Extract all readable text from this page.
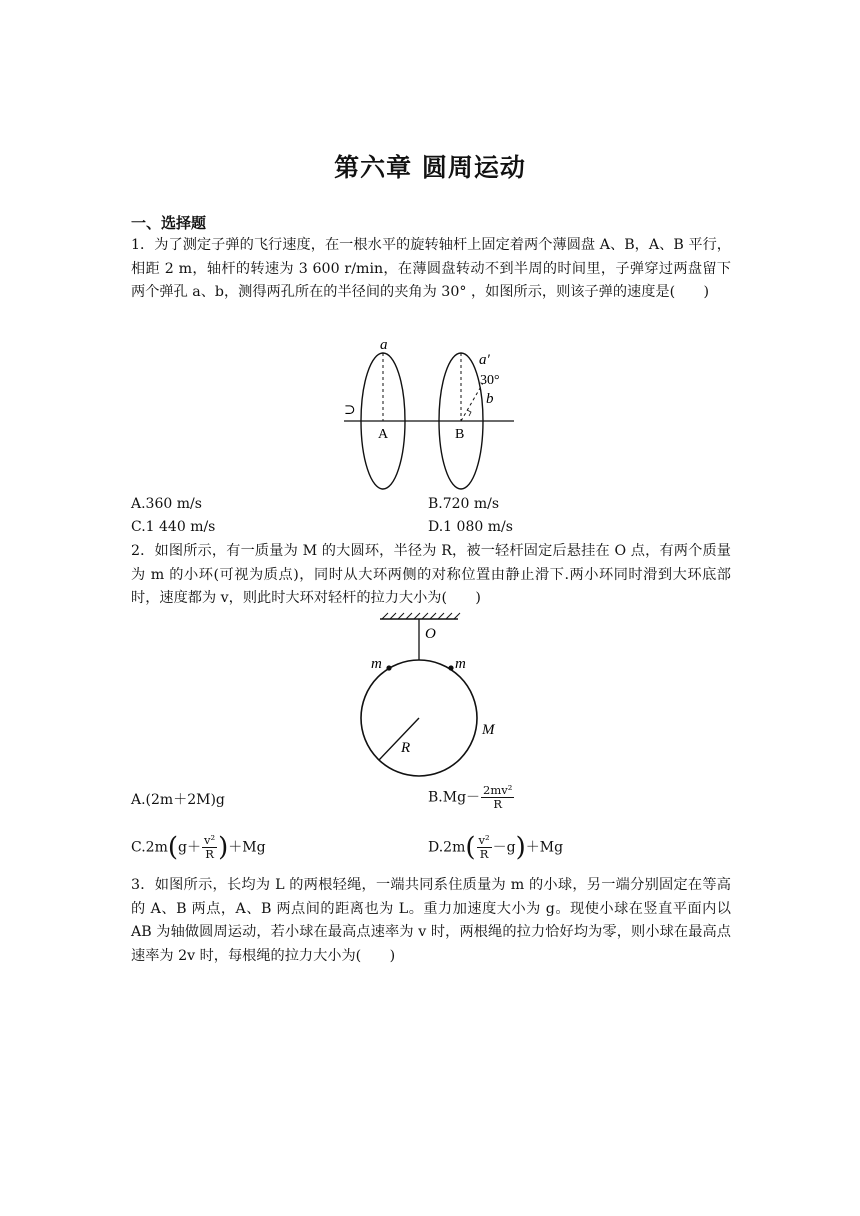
第六章 圆周运动
一、选择题
1．为了测定子弹的飞行速度，在一根水平的旋转轴杆上固定着两个薄圆盘 A、B，A、B 平行，相距 2 m，轴杆的转速为 3 600 r/min，在薄圆盘转动不到半周的时间里，子弹穿过两盘留下两个弹孔 a、b，测得两孔所在的半径间的夹角为 30° ，如图所示，则该子弹的速度是(　　)
⊃
a
a′
30°
b
A	B
A.360 m/s	B.720 m/s
C.1 440 m/s	D.1 080 m/s
2．如图所示，有一质量为 M 的大圆环，半径为 R，被一轻杆固定后悬挂在 O 点，有两个质量为 m 的小环(可视为质点)，同时从大环两侧的对称位置由静止滑下.两小环同时滑到大环底部时，速度都为 v，则此时大环对轻杆的拉力大小为(　　)
O
m	m
M
R
A.(2m＋2M)g	$B.Mg- \frac{\text{2mv²}}{R}$
$C.2m(g+ \frac{\text{v²}}{R} )+Mg$	$D.2m( \frac{\text{v²}}{R} -g)+Mg$
3．如图所示，长均为 L 的两根轻绳，一端共同系住质量为 m 的小球，另一端分别固定在等高的 A、B 两点，A、B 两点间的距离也为 L。重力加速度大小为 g。现使小球在竖直平面内以 AB 为轴做圆周运动，若小球在最高点速率为 v 时，两根绳的拉力恰好均为零，则小球在最高点速率为 2v 时，每根绳的拉力大小为(　　)
